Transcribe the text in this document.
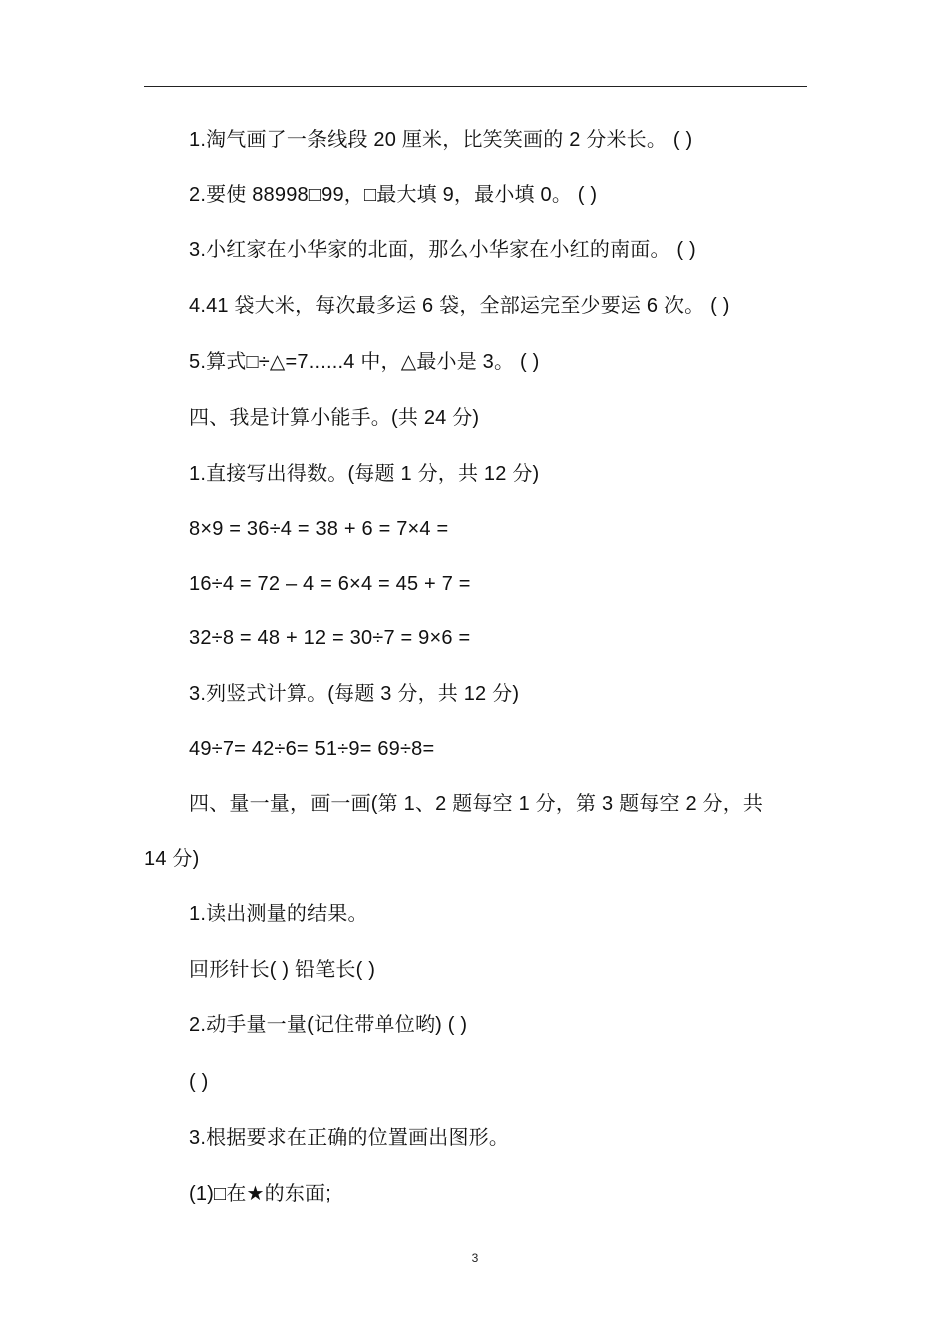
1.淘气画了一条线段 20 厘米，比笑笑画的 2 分米长。 ( )
2.要使 88998□99，□最大填 9，最小填 0。 ( )
3.小红家在小华家的北面，那么小华家在小红的南面。 ( )
4.41 袋大米，每次最多运 6 袋，全部运完至少要运 6 次。 ( )
5.算式□÷△=7......4 中，△最小是 3。 ( )
四、我是计算小能手。(共 24 分)
1.直接写出得数。(每题 1 分，共 12 分)
8×9 = 36÷4 = 38 + 6 = 7×4 =
16÷4 = 72 – 4 = 6×4 = 45 + 7 =
32÷8 = 48 + 12 = 30÷7 = 9×6 =
3.列竖式计算。(每题 3 分，共 12 分)
49÷7= 42÷6= 51÷9= 69÷8=
四、量一量，画一画(第 1、2 题每空 1 分，第 3 题每空 2 分，共
14 分)
1.读出测量的结果。
回形针长( ) 铅笔长( )
2.动手量一量(记住带单位哟) ( )
( )
3.根据要求在正确的位置画出图形。
(1)□在★的东面;
3
